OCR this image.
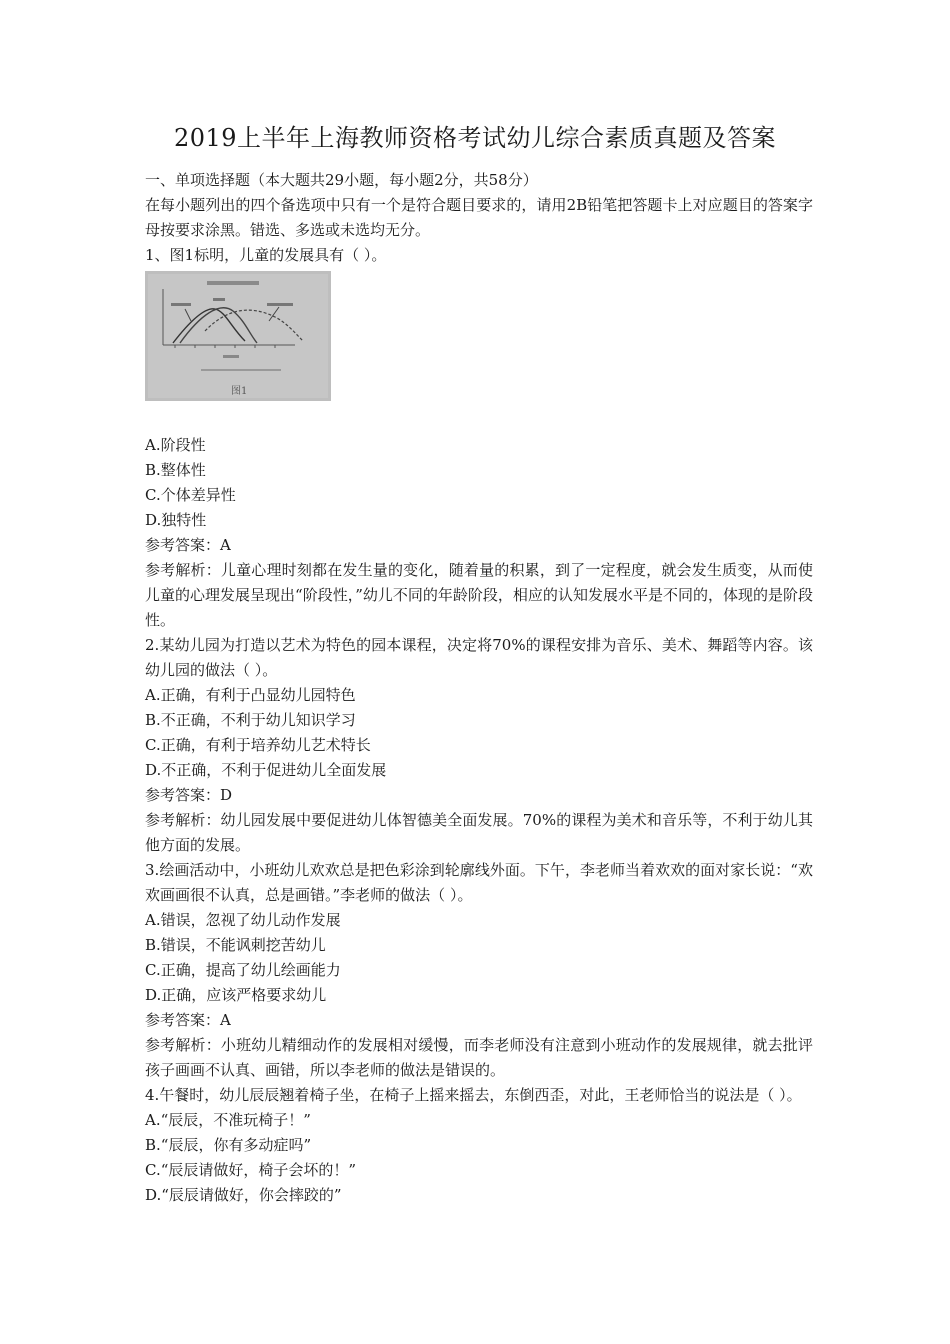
2019上半年上海教师资格考试幼儿综合素质真题及答案

一、单项选择题（本大题共29小题，每小题2分，共58分）

在每小题列出的四个备选项中只有一个是符合题目要求的，请用2B铅笔把答题卡上对应题目的答案字母按要求涂黑。错选、多选或未选均无分。

1、图1标明，儿童的发展具有（ ）。

图1

A.阶段性

B.整体性

C.个体差异性

D.独特性

参考答案：A

参考解析：儿童心理时刻都在发生量的变化，随着量的积累，到了一定程度，就会发生质变，从而使儿童的心理发展呈现出“阶段性，”幼儿不同的年龄阶段，相应的认知发展水平是不同的，体现的是阶段性。

2.某幼儿园为打造以艺术为特色的园本课程，决定将70%的课程安排为音乐、美术、舞蹈等内容。该幼儿园的做法（ ）。

A.正确，有利于凸显幼儿园特色

B.不正确，不利于幼儿知识学习

C.正确，有利于培养幼儿艺术特长

D.不正确，不利于促进幼儿全面发展

参考答案：D

参考解析：幼儿园发展中要促进幼儿体智德美全面发展。70%的课程为美术和音乐等，不利于幼儿其他方面的发展。

3.绘画活动中，小班幼儿欢欢总是把色彩涂到轮廓线外面。下午，李老师当着欢欢的面对家长说：“欢欢画画很不认真，总是画错。”李老师的做法（ ）。

A.错误，忽视了幼儿动作发展

B.错误，不能讽刺挖苦幼儿

C.正确，提高了幼儿绘画能力

D.正确，应该严格要求幼儿

参考答案：A

参考解析：小班幼儿精细动作的发展相对缓慢，而李老师没有注意到小班动作的发展规律，就去批评孩子画画不认真、画错，所以李老师的做法是错误的。

4.午餐时，幼儿辰辰翘着椅子坐，在椅子上摇来摇去，东倒西歪，对此，王老师恰当的说法是（ ）。

A.“辰辰，不准玩椅子！”

B.“辰辰，你有多动症吗”

C.“辰辰请做好，椅子会坏的！”

D.“辰辰请做好，你会摔跤的”
